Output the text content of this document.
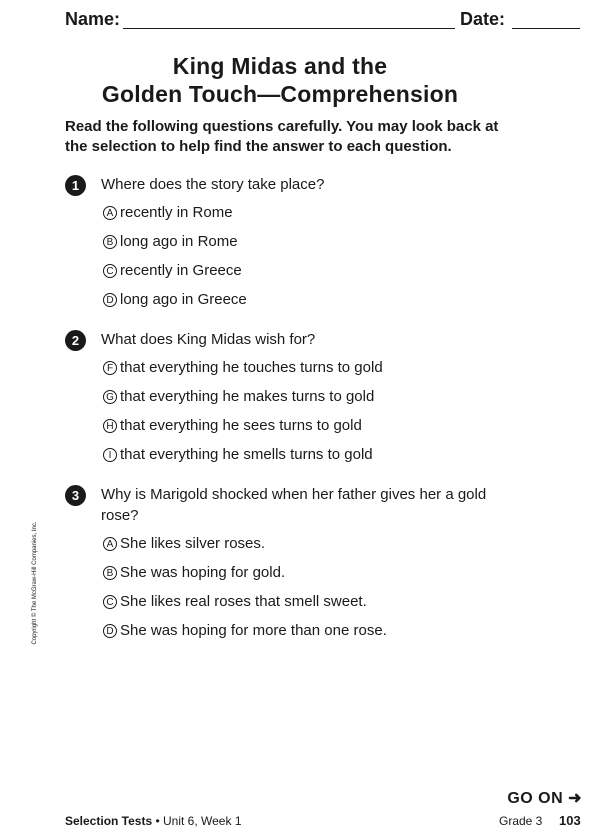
Name:	Date:
King Midas and the
Golden Touch—Comprehension
Read the following questions carefully. You may look back at the selection to help find the answer to each question.
1	Where does the story take place?
A recently in Rome
B long ago in Rome
C recently in Greece
D long ago in Greece
2	What does King Midas wish for?
F that everything he touches turns to gold
G that everything he makes turns to gold
H that everything he sees turns to gold
I that everything he smells turns to gold
3	Why is Marigold shocked when her father gives her a gold rose?
A She likes silver roses.
B She was hoping for gold.
C She likes real roses that smell sweet.
D She was hoping for more than one rose.
Copyright © The McGraw-Hill Companies, Inc.
GO ON ➜
Selection Tests • Unit 6, Week 1	Grade 3 103
